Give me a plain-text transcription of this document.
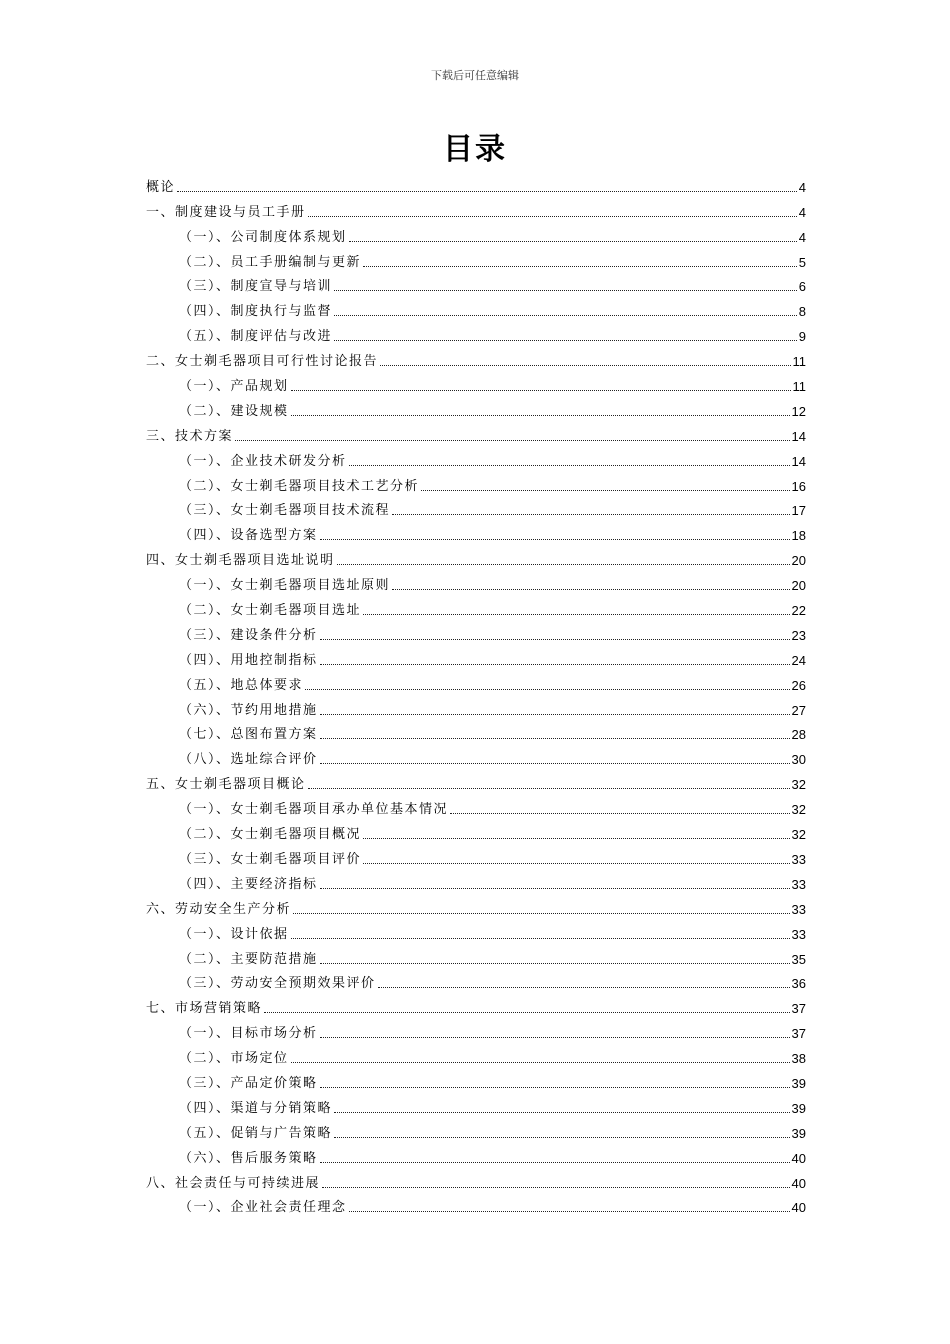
下载后可任意编辑
目录
概论	4
一、制度建设与员工手册	4
（一）、公司制度体系规划	4
（二）、员工手册编制与更新	5
（三）、制度宣导与培训	6
（四）、制度执行与监督	8
（五）、制度评估与改进	9
二、女士剃毛器项目可行性讨论报告	11
（一）、产品规划	11
（二）、建设规模	12
三、技术方案	14
（一）、企业技术研发分析	14
（二）、女士剃毛器项目技术工艺分析	16
（三）、女士剃毛器项目技术流程	17
（四）、设备选型方案	18
四、女士剃毛器项目选址说明	20
（一）、女士剃毛器项目选址原则	20
（二）、女士剃毛器项目选址	22
（三）、建设条件分析	23
（四）、用地控制指标	24
（五）、地总体要求	26
（六）、节约用地措施	27
（七）、总图布置方案	28
（八）、选址综合评价	30
五、女士剃毛器项目概论	32
（一）、女士剃毛器项目承办单位基本情况	32
（二）、女士剃毛器项目概况	32
（三）、女士剃毛器项目评价	33
（四）、主要经济指标	33
六、劳动安全生产分析	33
（一）、设计依据	33
（二）、主要防范措施	35
（三）、劳动安全预期效果评价	36
七、市场营销策略	37
（一）、目标市场分析	37
（二）、市场定位	38
（三）、产品定价策略	39
（四）、渠道与分销策略	39
（五）、促销与广告策略	39
（六）、售后服务策略	40
八、社会责任与可持续进展	40
（一）、企业社会责任理念	40
